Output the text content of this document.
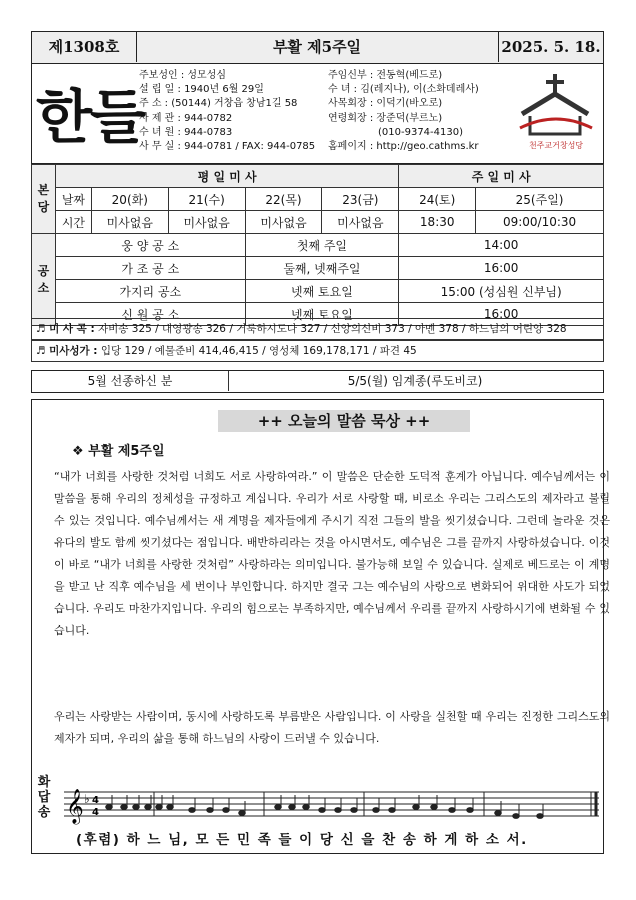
제1308호	부활 제5주일	2025. 5. 18.
한들
주보성인 : 성모성심
설 립 일 : 1940년 6월 29일
주 소 : (50144) 거창읍 창남1길 58
사 제 관 : 944-0782
수 녀 원 : 944-0783
사 무 실 : 944-0781 / FAX: 944-0785
주임신부 : 전동혁(베드로)
수 녀 : 김(레지나), 이(소화데레사)
사목회장 : 이덕기(바오로)
연령회장 : 장준덕(부르노)
(010-9374-4130)
홈페이지 : http://geo.cathms.kr	천주교거창성당
본당	평 일 미 사					주 일 미 사	
	날짜	20(화)	21(수)	22(목)	23(금)	24(토)	25(주일)
	시간	미사없음	미사없음	미사없음	미사없음	18:30	09:00/10:30
공소	웅 양 공 소			첫째 주일		14:00	
	가 조 공 소			둘째, 넷째주일		16:00	
	가지리 공소			넷째 토요일		15:00 (성심원 신부님)	
	신 원 공 소			넷째 토요일		16:00	
♬ 미 사 곡 : 자비송 325 / 대영광송 326 / 거룩하시도다 327 / 신앙의신비 373 / 아멘 378 / 하느님의 어린양 328
♬ 미사성가 : 입당 129 / 예물준비 414,46,415 / 영성체 169,178,171 / 파견 45
5월 선종하신 분	5/5(월) 임계종(루도비코)
++ 오늘의 말씀 묵상 ++
❖ 부활 제5주일
“내가 너희를 사랑한 것처럼 너희도 서로 사랑하여라.” 이 말씀은 단순한 도덕적 훈계가 아닙니다. 예수님께서는 이 말씀을 통해 우리의 정체성을 규정하고 계십니다. 우리가 서로 사랑할 때, 비로소 우리는 그리스도의 제자라고 불릴 수 있는 것입니다. 예수님께서는 새 계명을 제자들에게 주시기 직전 그들의 발을 씻기셨습니다. 그런데 놀라운 것은 유다의 발도 함께 씻기셨다는 점입니다. 배반하리라는 것을 아시면서도, 예수님은 그를 끝까지 사랑하셨습니다. 이것이 바로 “내가 너희를 사랑한 것처럼” 사랑하라는 의미입니다. 불가능해 보일 수 있습니다. 실제로 베드로는 이 계명을 받고 난 직후 예수님을 세 번이나 부인합니다. 하지만 결국 그는 예수님의 사랑으로 변화되어 위대한 사도가 되었습니다. 우리도 마찬가지입니다. 우리의 힘으로는 부족하지만, 예수님께서 우리를 끝까지 사랑하시기에 변화될 수 있습니다.
우리는 사랑받는 사람이며, 동시에 사랑하도록 부름받은 사람입니다. 이 사랑을 실천할 때 우리는 진정한 그리스도의 제자가 되며, 우리의 삶을 통해 하느님의 사랑이 드러낼 수 있습니다.
화답송 𝄞 ♭ 4
4
(후렴) 하 느 님, 모 든 민 족 들 이 당 신 을 찬 송 하 게 하 소 서.
